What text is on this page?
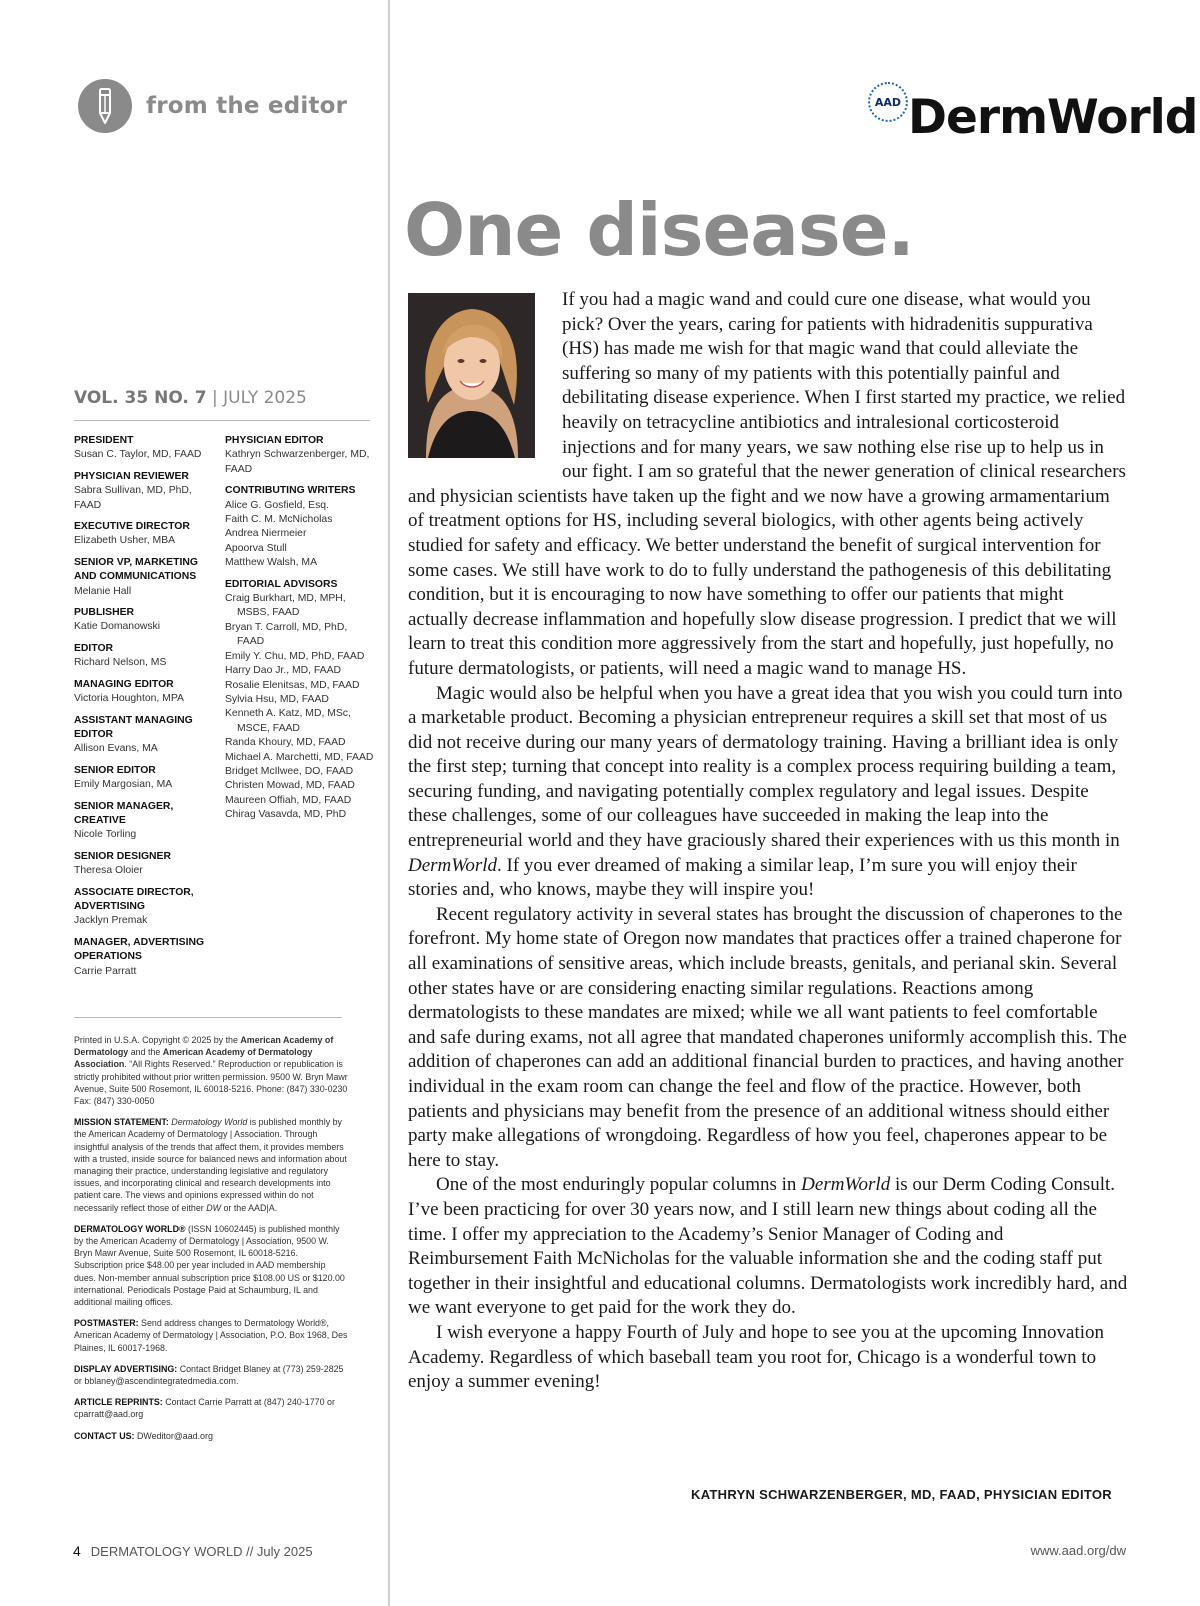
from the editor	AAD DermWorld
One disease.

If you had a magic wand and could cure one disease, what would you pick? Over the years, caring for patients with hidradenitis suppurativa (HS) has made me wish for that magic wand that could alleviate the suffering so many of my patients with this potentially painful and debilitating disease experience. When I first started my practice, we relied heavily on tetracycline antibiotics and intralesional corticosteroid injections and for many years, we saw nothing else rise up to help us in our fight. I am so grateful that the newer generation of clinical researchers and physician scientists have taken up the fight and we now have a growing armamentarium of treatment options for HS, including several biologics, with other agents being actively studied for safety and efficacy. We better understand the benefit of surgical intervention for some cases. We still have work to do to fully understand the pathogenesis of this debilitating condition, but it is encouraging to now have something to offer our patients that might actually decrease inflammation and hopefully slow disease progression. I predict that we will learn to treat this condition more aggressively from the start and hopefully, just hopefully, no future dermatologists, or patients, will need a magic wand to manage HS.

Magic would also be helpful when you have a great idea that you wish you could turn into a marketable product. Becoming a physician entrepreneur requires a skill set that most of us did not receive during our many years of dermatology training. Having a brilliant idea is only the first step; turning that concept into reality is a complex process requiring building a team, securing funding, and navigating potentially complex regulatory and legal issues. Despite these challenges, some of our colleagues have succeeded in making the leap into the entrepreneurial world and they have graciously shared their experiences with us this month in DermWorld. If you ever dreamed of making a similar leap, I’m sure you will enjoy their stories and, who knows, maybe they will inspire you!

Recent regulatory activity in several states has brought the discussion of chaperones to the forefront. My home state of Oregon now mandates that practices offer a trained chaperone for all examinations of sensitive areas, which include breasts, genitals, and perianal skin. Several other states have or are considering enacting similar regulations. Reactions among dermatologists to these mandates are mixed; while we all want patients to feel comfortable and safe during exams, not all agree that mandated chaperones uniformly accomplish this. The addition of chaperones can add an additional financial burden to practices, and having another individual in the exam room can change the feel and flow of the practice. However, both patients and physicians may benefit from the presence of an additional witness should either party make allegations of wrongdoing. Regardless of how you feel, chaperones appear to be here to stay.

One of the most enduringly popular columns in DermWorld is our Derm Coding Consult. I’ve been practicing for over 30 years now, and I still learn new things about coding all the time. I offer my appreciation to the Academy’s Senior Manager of Coding and Reimbursement Faith McNicholas for the valuable information she and the coding staff put together in their insightful and educational columns. Dermatologists work incredibly hard, and we want everyone to get paid for the work they do.

I wish everyone a happy Fourth of July and hope to see you at the upcoming Innovation Academy. Regardless of which baseball team you root for, Chicago is a wonderful town to enjoy a summer evening!

KATHRYN SCHWARZENBERGER, MD, FAAD, PHYSICIAN EDITOR
VOL. 35 NO. 7 | JULY 2025
PRESIDENT
Susan C. Taylor, MD, FAAD
PHYSICIAN REVIEWER
Sabra Sullivan, MD, PhD, FAAD
EXECUTIVE DIRECTOR
Elizabeth Usher, MBA
SENIOR VP, MARKETING AND COMMUNICATIONS
Melanie Hall
PUBLISHER
Katie Domanowski
EDITOR
Richard Nelson, MS
MANAGING EDITOR
Victoria Houghton, MPA
ASSISTANT MANAGING EDITOR
Allison Evans, MA
SENIOR EDITOR
Emily Margosian, MA
SENIOR MANAGER, CREATIVE
Nicole Torling
SENIOR DESIGNER
Theresa Oloier
ASSOCIATE DIRECTOR, ADVERTISING
Jacklyn Premak
MANAGER, ADVERTISING OPERATIONS
Carrie Parratt
PHYSICIAN EDITOR
Kathryn Schwarzenberger, MD, FAAD
CONTRIBUTING WRITERS
Alice G. Gosfield, Esq.
Faith C. M. McNicholas
Andrea Niermeier
Apoorva Stull
Matthew Walsh, MA
EDITORIAL ADVISORS
Craig Burkhart, MD, MPH, MSBS, FAAD
Bryan T. Carroll, MD, PhD, FAAD
Emily Y. Chu, MD, PhD, FAAD
Harry Dao Jr., MD, FAAD
Rosalie Elenitsas, MD, FAAD
Sylvia Hsu, MD, FAAD
Kenneth A. Katz, MD, MSc, MSCE, FAAD
Randa Khoury, MD, FAAD
Michael A. Marchetti, MD, FAAD
Bridget McIlwee, DO, FAAD
Christen Mowad, MD, FAAD
Maureen Offiah, MD, FAAD
Chirag Vasavda, MD, PhD

Printed in U.S.A. Copyright © 2025 by the American Academy of Dermatology and the American Academy of Dermatology Association. “All Rights Reserved.” Reproduction or republication is strictly prohibited without prior written permission. 9500 W. Bryn Mawr Avenue, Suite 500 Rosemont, IL 60018-5216. Phone: (847) 330-0230 Fax: (847) 330-0050

MISSION STATEMENT: Dermatology World is published monthly by the American Academy of Dermatology | Association. Through insightful analysis of the trends that affect them, it provides members with a trusted, inside source for balanced news and information about managing their practice, understanding legislative and regulatory issues, and incorporating clinical and research developments into patient care. The views and opinions expressed within do not necessarily reflect those of either DW or the AAD|A.

DERMATOLOGY WORLD® (ISSN 10602445) is published monthly by the American Academy of Dermatology | Association, 9500 W. Bryn Mawr Avenue, Suite 500 Rosemont, IL 60018-5216. Subscription price $48.00 per year included in AAD membership dues. Non-member annual subscription price $108.00 US or $120.00 international. Periodicals Postage Paid at Schaumburg, IL and additional mailing offices.

POSTMASTER: Send address changes to Dermatology World®, American Academy of Dermatology | Association, P.O. Box 1968, Des Plaines, IL 60017-1968.

DISPLAY ADVERTISING: Contact Bridget Blaney at (773) 259-2825 or bblaney@ascendintegratedmedia.com.

ARTICLE REPRINTS: Contact Carrie Parratt at (847) 240-1770 or cparratt@aad.org

CONTACT US: DWeditor@aad.org

4 DERMATOLOGY WORLD // July 2025	www.aad.org/dw
